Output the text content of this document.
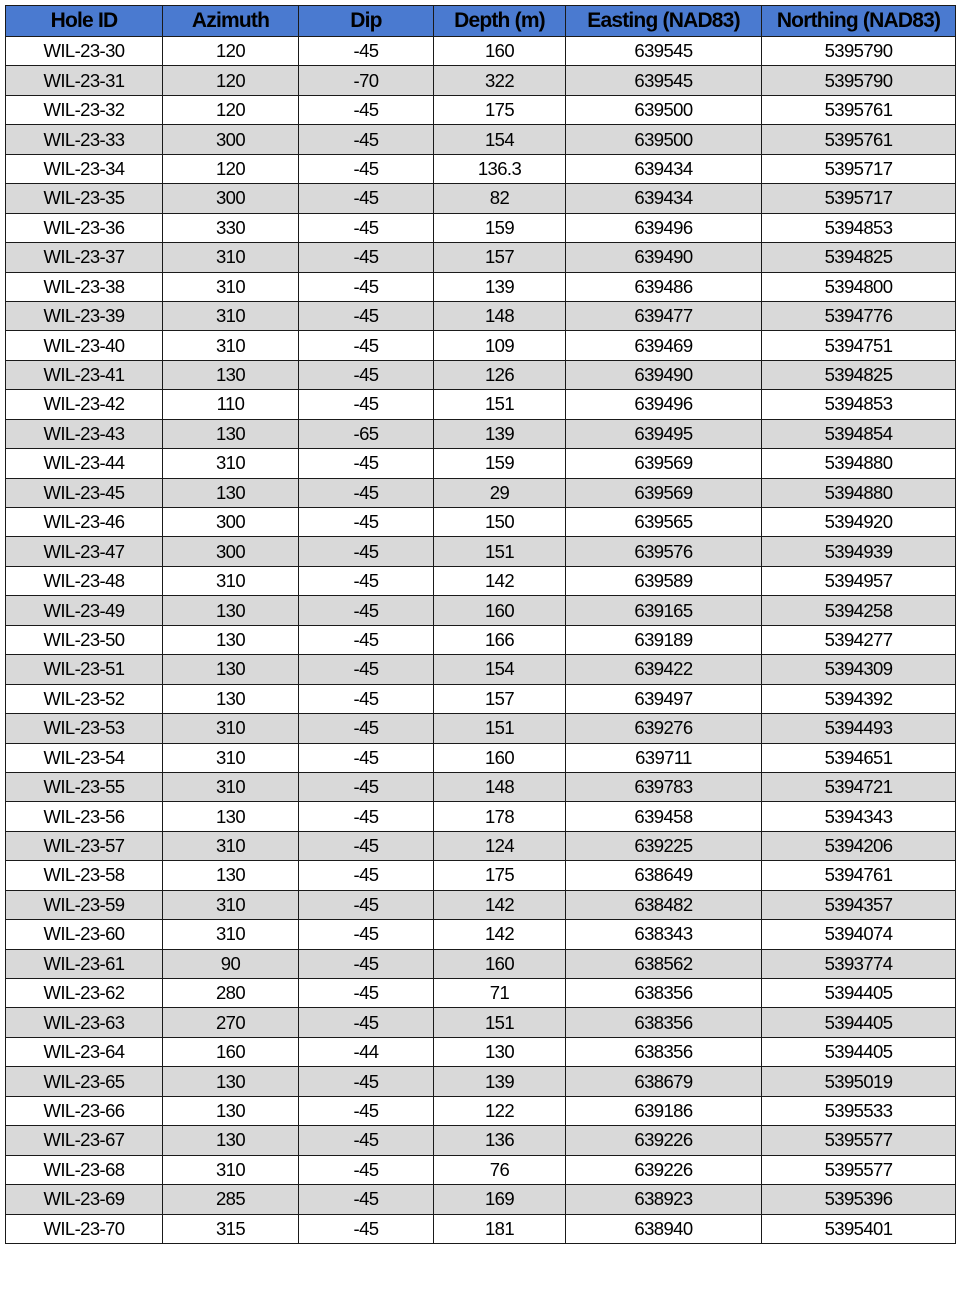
Hole ID	Azimuth	Dip	Depth (m)	Easting (NAD83)	Northing (NAD83)
WIL-23-30	120	-45	160	639545	5395790
WIL-23-31	120	-70	322	639545	5395790
WIL-23-32	120	-45	175	639500	5395761
WIL-23-33	300	-45	154	639500	5395761
WIL-23-34	120	-45	136.3	639434	5395717
WIL-23-35	300	-45	82	639434	5395717
WIL-23-36	330	-45	159	639496	5394853
WIL-23-37	310	-45	157	639490	5394825
WIL-23-38	310	-45	139	639486	5394800
WIL-23-39	310	-45	148	639477	5394776
WIL-23-40	310	-45	109	639469	5394751
WIL-23-41	130	-45	126	639490	5394825
WIL-23-42	110	-45	151	639496	5394853
WIL-23-43	130	-65	139	639495	5394854
WIL-23-44	310	-45	159	639569	5394880
WIL-23-45	130	-45	29	639569	5394880
WIL-23-46	300	-45	150	639565	5394920
WIL-23-47	300	-45	151	639576	5394939
WIL-23-48	310	-45	142	639589	5394957
WIL-23-49	130	-45	160	639165	5394258
WIL-23-50	130	-45	166	639189	5394277
WIL-23-51	130	-45	154	639422	5394309
WIL-23-52	130	-45	157	639497	5394392
WIL-23-53	310	-45	151	639276	5394493
WIL-23-54	310	-45	160	639711	5394651
WIL-23-55	310	-45	148	639783	5394721
WIL-23-56	130	-45	178	639458	5394343
WIL-23-57	310	-45	124	639225	5394206
WIL-23-58	130	-45	175	638649	5394761
WIL-23-59	310	-45	142	638482	5394357
WIL-23-60	310	-45	142	638343	5394074
WIL-23-61	90	-45	160	638562	5393774
WIL-23-62	280	-45	71	638356	5394405
WIL-23-63	270	-45	151	638356	5394405
WIL-23-64	160	-44	130	638356	5394405
WIL-23-65	130	-45	139	638679	5395019
WIL-23-66	130	-45	122	639186	5395533
WIL-23-67	130	-45	136	639226	5395577
WIL-23-68	310	-45	76	639226	5395577
WIL-23-69	285	-45	169	638923	5395396
WIL-23-70	315	-45	181	638940	5395401
